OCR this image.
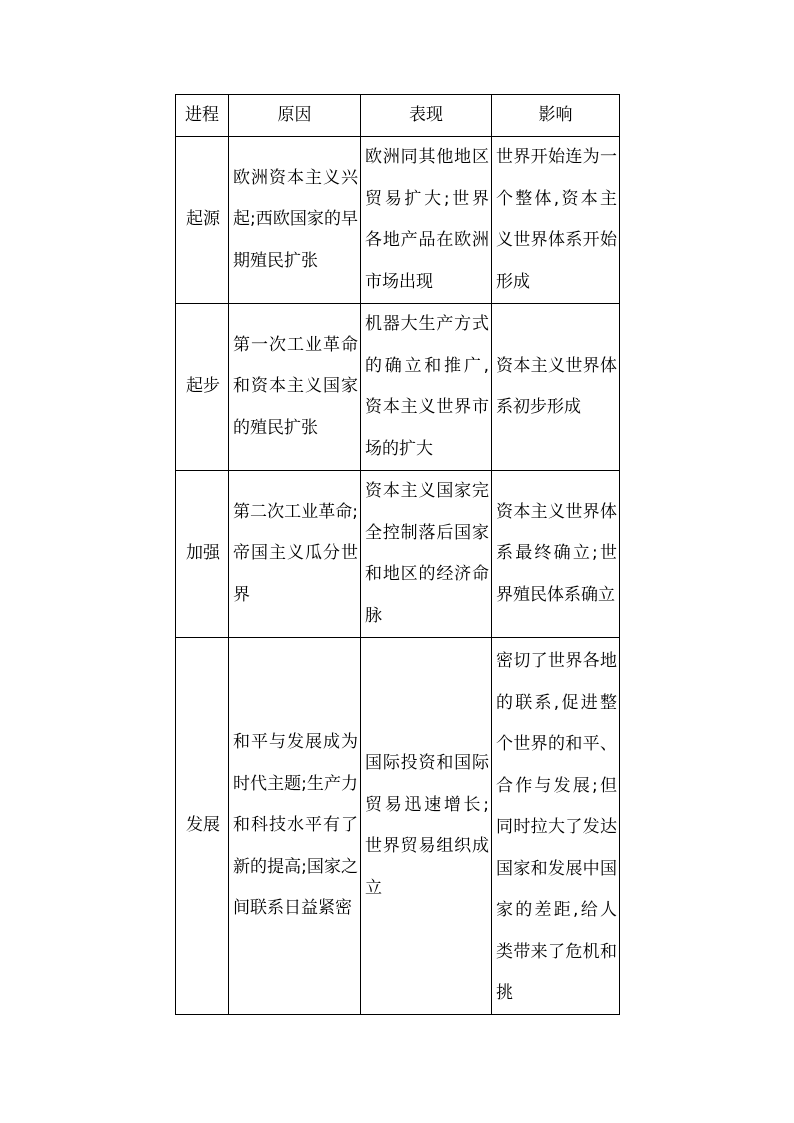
进程	原因	表现	影响
起源	欧洲资本主义兴起;西欧国家的早期殖民扩张	欧洲同其他地区贸易扩大;世界各地产品在欧洲市场出现	世界开始连为一个整体,资本主义世界体系开始形成
起步	第一次工业革命和资本主义国家的殖民扩张	机器大生产方式的确立和推广,资本主义世界市场的扩大	资本主义世界体系初步形成
加强	第二次工业革命;帝国主义瓜分世界	资本主义国家完全控制落后国家和地区的经济命脉	资本主义世界体系最终确立;世界殖民体系确立
发展	和平与发展成为时代主题;生产力和科技水平有了新的提高;国家之间联系日益紧密	国际投资和国际贸易迅速增长;世界贸易组织成立	密切了世界各地的联系,促进整个世界的和平、合作与发展;但同时拉大了发达国家和发展中国家的差距,给人类带来了危机和挑
